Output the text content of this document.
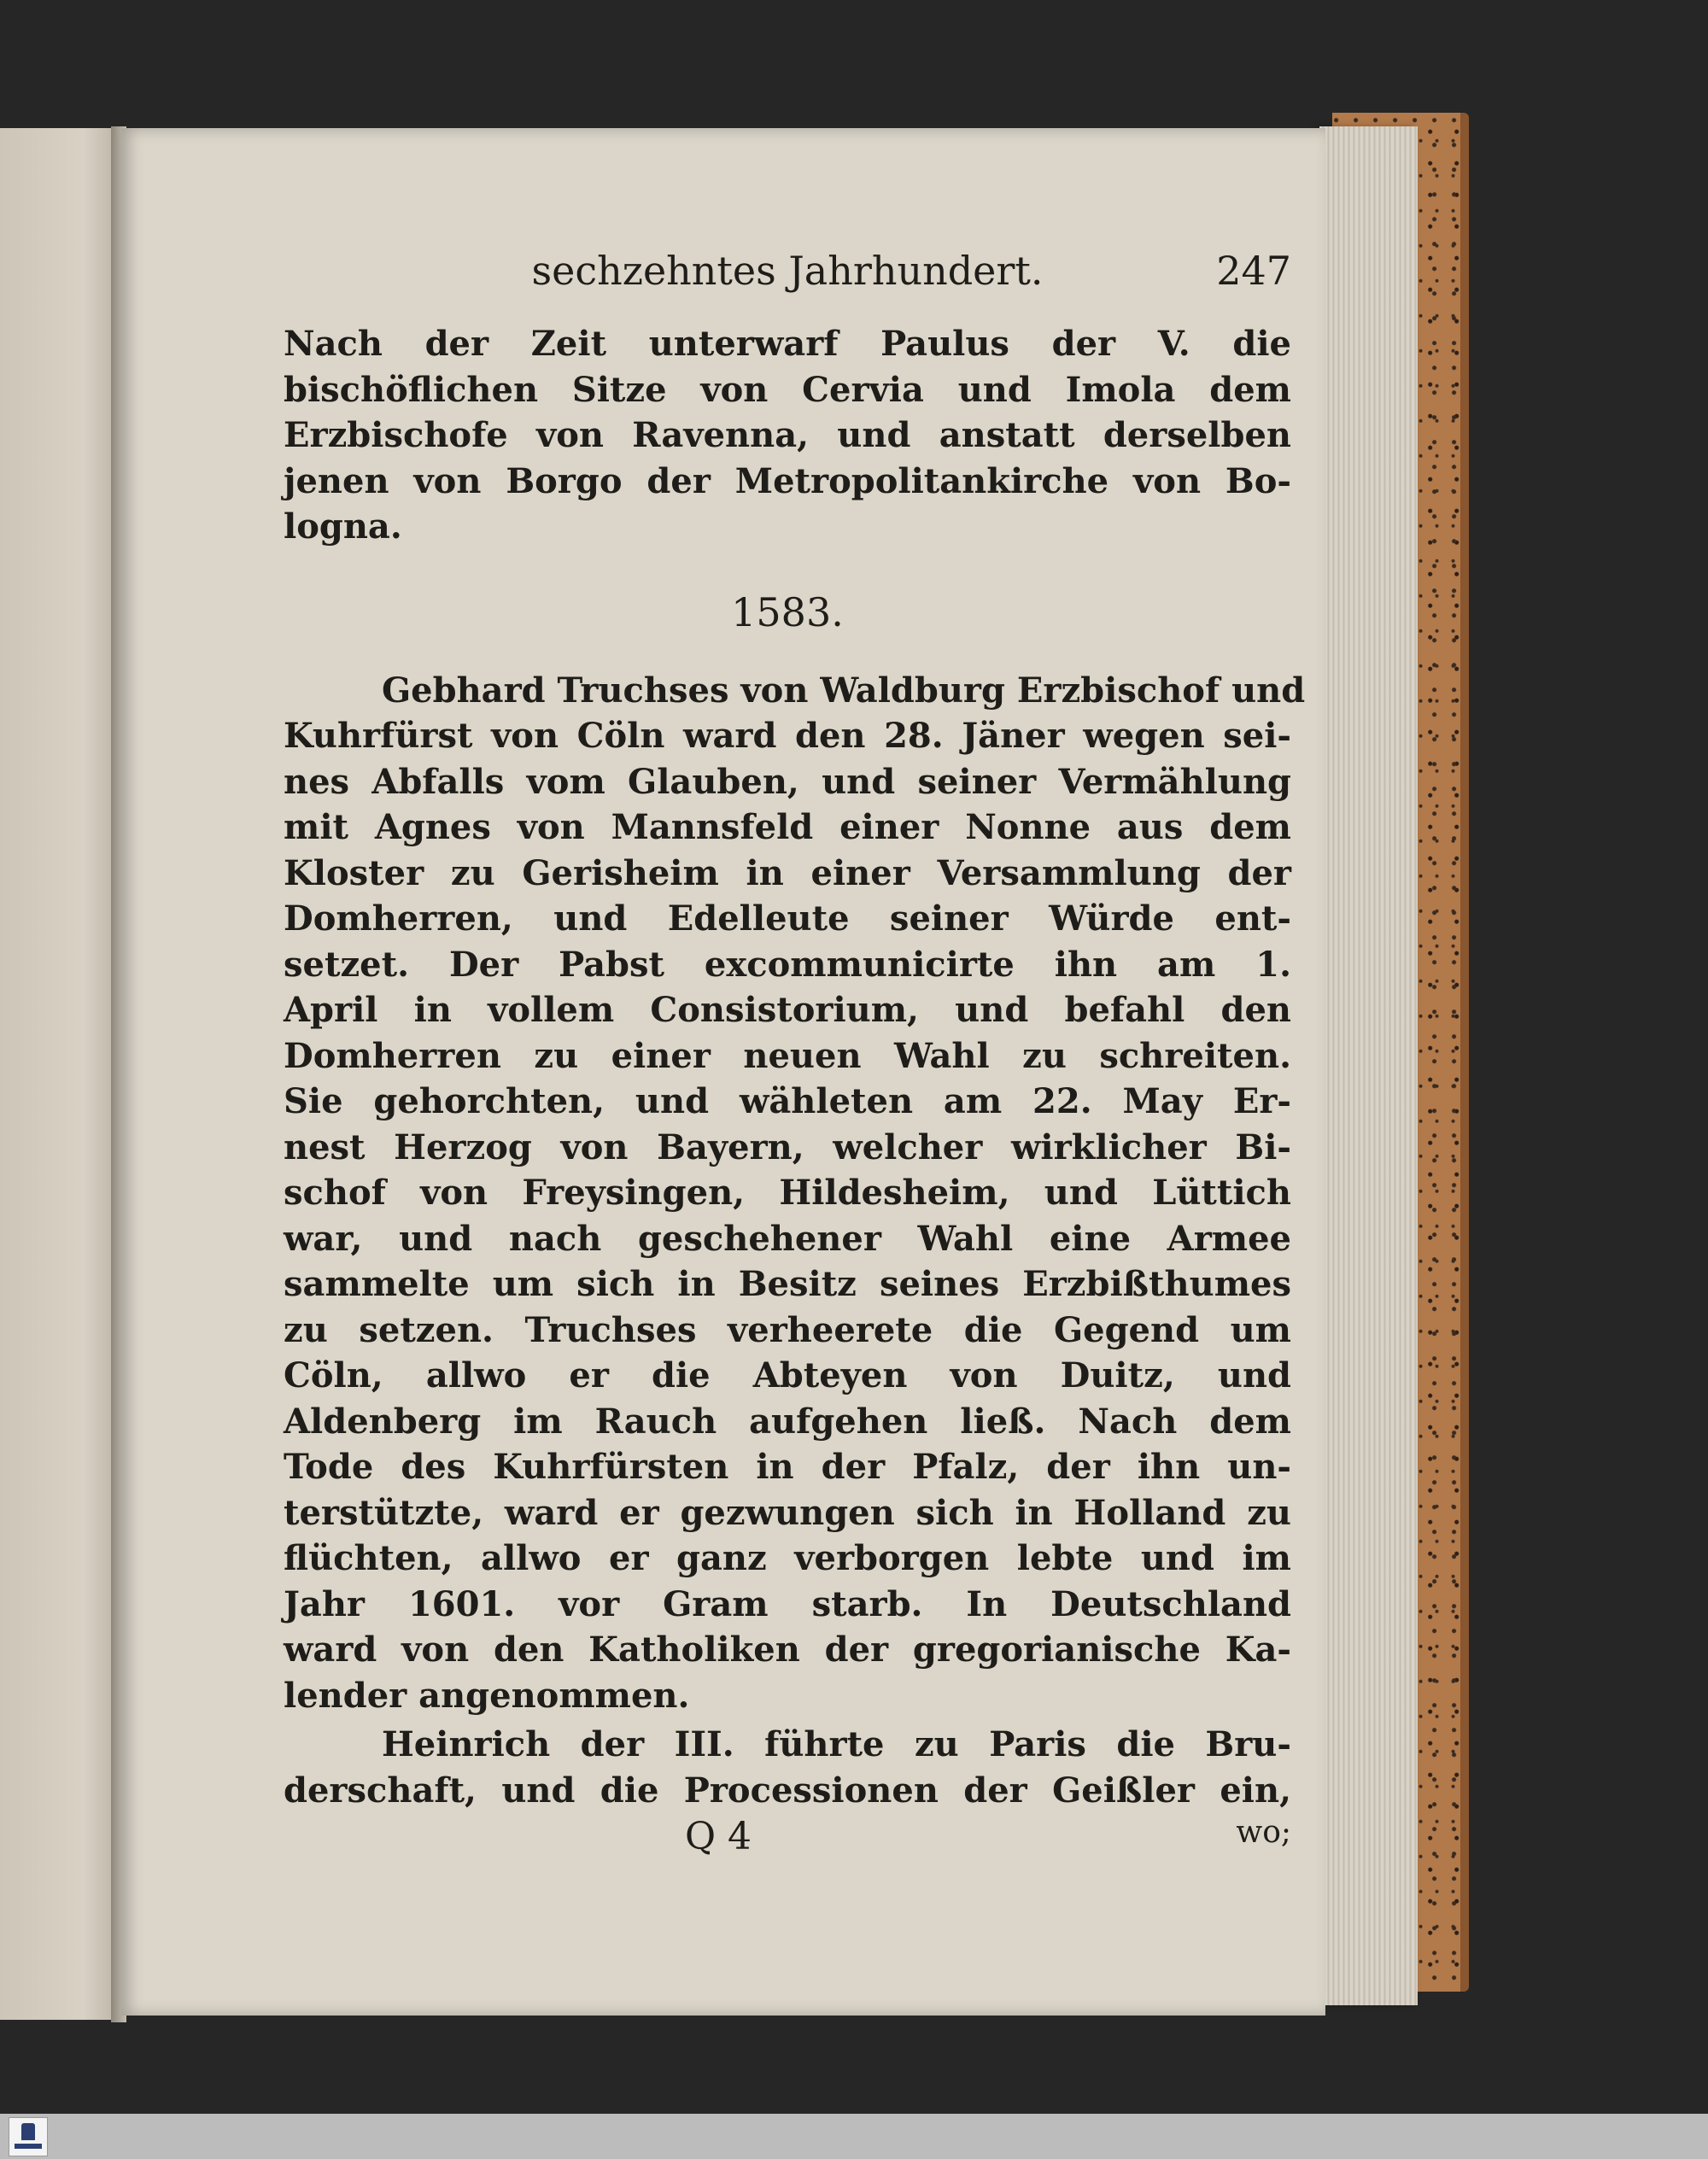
sechzehntes Jahrhundert.	247
Nach der Zeit unterwarf Paulus der V. die
bischöflichen Sitze von Cervia und Imola dem
Erzbischofe von Ravenna, und anstatt derselben
jenen von Borgo der Metropolitankirche von Bo-
logna.
1583.
Gebhard Truchses von Waldburg Erzbischof und
Kuhrfürst von Cöln ward den 28. Jäner wegen sei-
nes Abfalls vom Glauben, und seiner Vermählung
mit Agnes von Mannsfeld einer Nonne aus dem
Kloster zu Gerisheim in einer Versammlung der
Domherren, und Edelleute seiner Würde ent-
setzet. Der Pabst excommunicirte ihn am 1.
April in vollem Consistorium, und befahl den
Domherren zu einer neuen Wahl zu schreiten.
Sie gehorchten, und wähleten am 22. May Er-
nest Herzog von Bayern, welcher wirklicher Bi-
schof von Freysingen, Hildesheim, und Lüttich
war, und nach geschehener Wahl eine Armee
sammelte um sich in Besitz seines Erzbißthumes
zu setzen. Truchses verheerete die Gegend um
Cöln, allwo er die Abteyen von Duitz, und
Aldenberg im Rauch aufgehen ließ. Nach dem
Tode des Kuhrfürsten in der Pfalz, der ihn un-
terstützte, ward er gezwungen sich in Holland zu
flüchten, allwo er ganz verborgen lebte und im
Jahr 1601. vor Gram starb. In Deutschland
ward von den Katholiken der gregorianische Ka-
lender angenommen.
Heinrich der III. führte zu Paris die Bru-
derschaft, und die Processionen der Geißler ein,
Q 4	wo;
